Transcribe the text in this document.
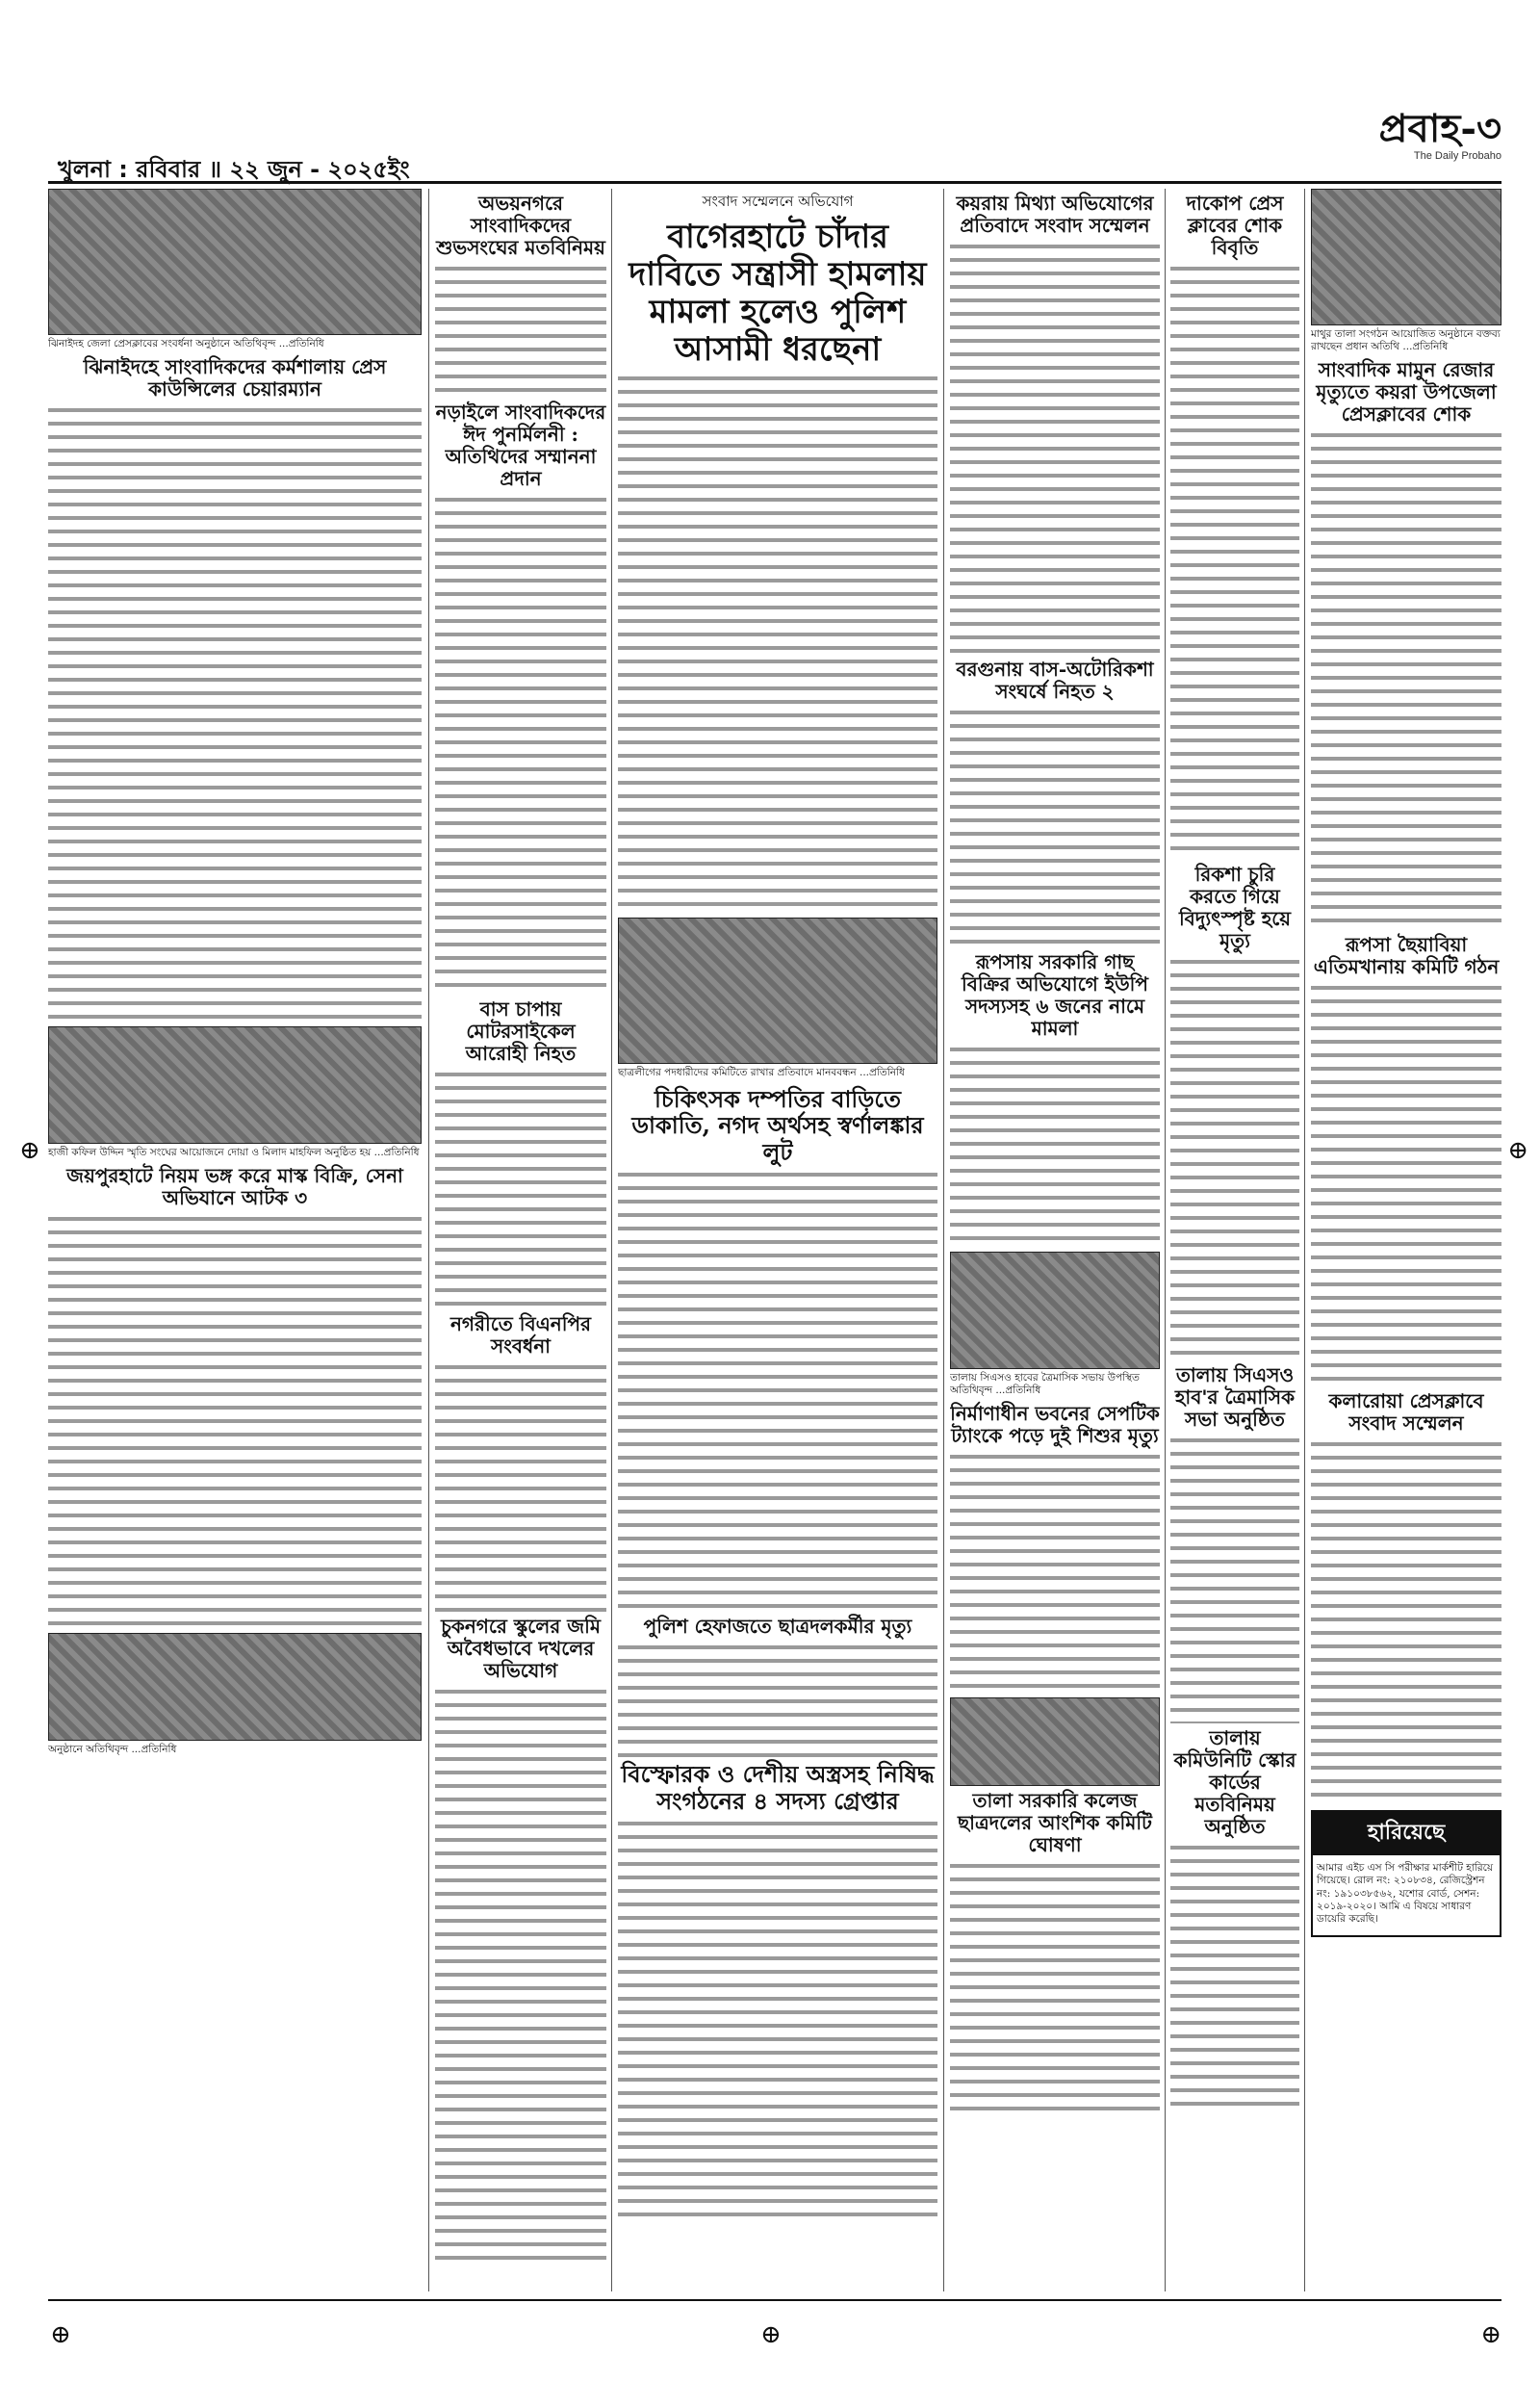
খুলনা : রবিবার ॥ ২২ জুন - ২০২৫ইং
প্রবাহ-৩
The Daily Probaho
ঝিনাইদহ জেলা প্রেসক্লাবের সংবর্ধনা অনুষ্ঠানে অতিথিবৃন্দ ...প্রতিনিধি
ঝিনাইদহে সাংবাদিকদের কর্মশালায় প্রেস কাউন্সিলের চেয়ারম্যান
হাজী কফিল উদ্দিন স্মৃতি সংঘের আয়োজনে দোয়া ও মিলাদ মাহফিল অনুষ্ঠিত হয় ...প্রতিনিধি
জয়পুরহাটে নিয়ম ভঙ্গ করে মাস্ক বিক্রি, সেনা অভিযানে আটক ৩
অনুষ্ঠানে অতিথিবৃন্দ ...প্রতিনিধি
অভয়নগরে সাংবাদিকদের শুভসংঘের মতবিনিময়
নড়াইলে সাংবাদিকদের ঈদ পুনর্মিলনী : অতিথিদের সম্মাননা প্রদান
বাস চাপায় মোটরসাইকেল আরোহী নিহত
নগরীতে বিএনপির সংবর্ধনা
চুকনগরে স্কুলের জমি অবৈধভাবে দখলের অভিযোগ
সংবাদ সম্মেলনে অভিযোগ
বাগেরহাটে চাঁদার দাবিতে সন্ত্রাসী হামলায় মামলা হলেও পুলিশ আসামী ধরছেনা
ছাত্রলীগের পদধারীদের কমিটিতে রাখার প্রতিবাদে মানববন্ধন ...প্রতিনিধি
চিকিৎসক দম্পতির বাড়িতে ডাকাতি, নগদ অর্থসহ স্বর্ণালঙ্কার লুট
পুলিশ হেফাজতে ছাত্রদলকর্মীর মৃত্যু
বিস্ফোরক ও দেশীয় অস্ত্রসহ নিষিদ্ধ সংগঠনের ৪ সদস্য গ্রেপ্তার
কয়রায় মিথ্যা অভিযোগের প্রতিবাদে সংবাদ সম্মেলন
বরগুনায় বাস-অটোরিকশা সংঘর্ষে নিহত ২
রূপসায় সরকারি গাছ বিক্রির অভিযোগে ইউপি সদস্যসহ ৬ জনের নামে মামলা
তালায় সিএসও হাবের ত্রৈমাসিক সভায় উপস্থিত অতিথিবৃন্দ ...প্রতিনিধি
নির্মাণাধীন ভবনের সেপটিক ট্যাংকে পড়ে দুই শিশুর মৃত্যু
তালা সরকারি কলেজ ছাত্রদলের আংশিক কমিটি ঘোষণা
দাকোপ প্রেস ক্লাবের শোক বিবৃতি
রিকশা চুরি করতে গিয়ে বিদ্যুৎস্পৃষ্ট হয়ে মৃত্যু
তালায় সিএসও হাব'র ত্রৈমাসিক সভা অনুষ্ঠিত
তালায় কমিউনিটি স্কোর কার্ডের মতবিনিময় অনুষ্ঠিত
মাথুর তালা সংগঠন আয়োজিত অনুষ্ঠানে বক্তব্য রাখছেন প্রধান অতিথি ...প্রতিনিধি
সাংবাদিক মামুন রেজার মৃত্যুতে কয়রা উপজেলা প্রেসক্লাবের শোক
রূপসা ছৈয়াবিয়া এতিমখানায় কমিটি গঠন
কলারোয়া প্রেসক্লাবে সংবাদ সম্মেলন
হারিয়েছে
আমার এইচ এস সি পরীক্ষার মার্কশীট হারিয়ে গিয়েছে। রোল নং: ২১০৮৩৪, রেজিস্ট্রেশন নং: ১৯১০৩৮৫৬২, যশোর বোর্ড, সেশন: ২০১৯-২০২০। আমি এ বিষয়ে সাধারণ ডায়েরি করেছি।
⊕	⊕	⊕
⊕	⊕
